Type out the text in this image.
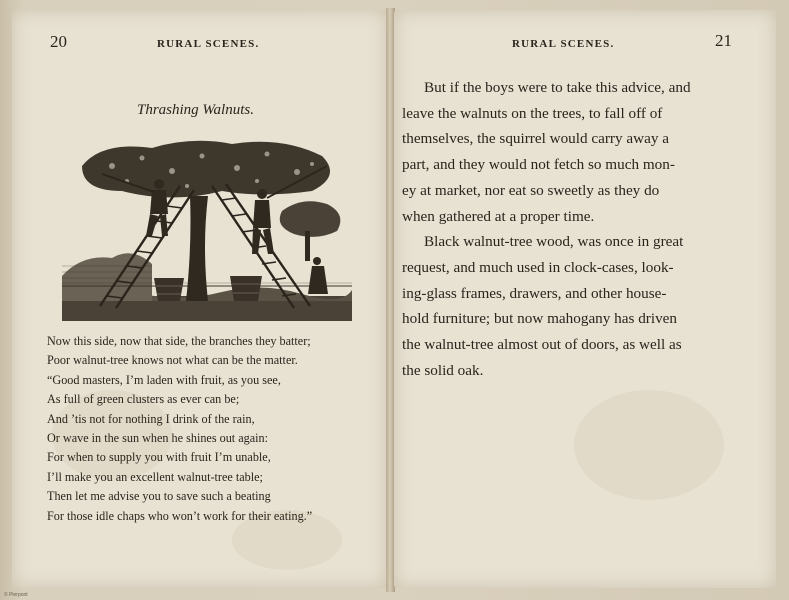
20	RURAL SCENES.
Thrashing Walnuts.
Now this side, now that side, the branches they batter;
Poor walnut-tree knows not what can be the matter.
“Good masters, I’m laden with fruit, as you see,
As full of green clusters as ever can be;
And ’tis not for nothing I drink of the rain,
Or wave in the sun when he shines out again:
For when to supply you with fruit I’m unable,
I’ll make you an excellent walnut-tree table;
Then let me advise you to save such a beating
For those idle chaps who won’t work for their eating.”
RURAL SCENES.	21
But if the boys were to take this advice, and
leave the walnuts on the trees, to fall off of
themselves, the squirrel would carry away a
part, and they would not fetch so much mon-
ey at market, nor eat so sweetly as they do
when gathered at a proper time.
Black walnut-tree wood, was once in great
request, and much used in clock-cases, look-
ing-glass frames, drawers, and other house-
hold furniture; but now mahogany has driven
the walnut-tree almost out of doors, as well as
the solid oak.
© Pierpont
